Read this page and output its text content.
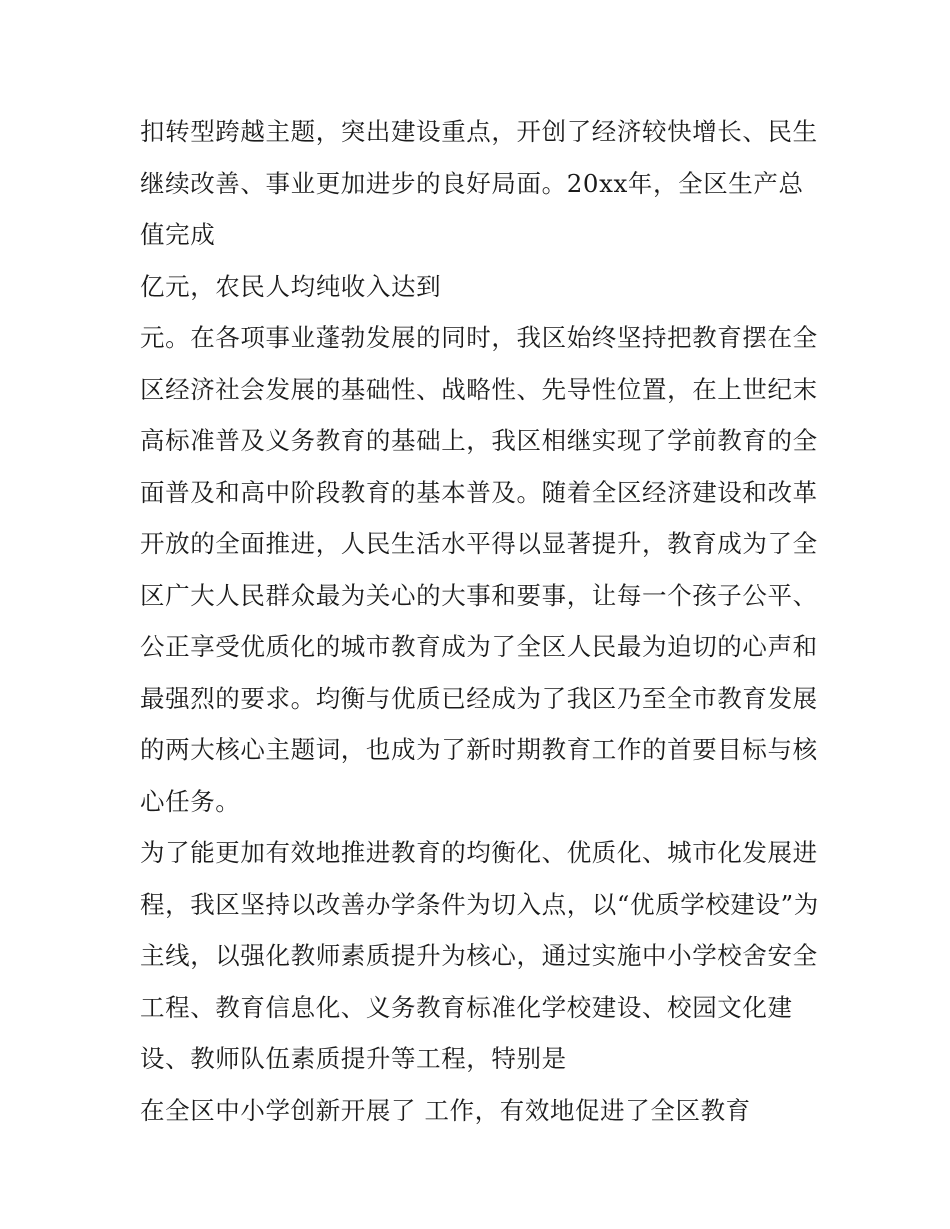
扣转型跨越主题，突出建设重点，开创了经济较快增长、民生
继续改善、事业更加进步的良好局面。20xx年，全区生产总
值完成
亿元，农民人均纯收入达到
元。在各项事业蓬勃发展的同时，我区始终坚持把教育摆在全
区经济社会发展的基础性、战略性、先导性位置，在上世纪末
高标准普及义务教育的基础上，我区相继实现了学前教育的全
面普及和高中阶段教育的基本普及。随着全区经济建设和改革
开放的全面推进，人民生活水平得以显著提升，教育成为了全
区广大人民群众最为关心的大事和要事，让每一个孩子公平、
公正享受优质化的城市教育成为了全区人民最为迫切的心声和
最强烈的要求。均衡与优质已经成为了我区乃至全市教育发展
的两大核心主题词，也成为了新时期教育工作的首要目标与核
心任务。
为了能更加有效地推进教育的均衡化、优质化、城市化发展进
程，我区坚持以改善办学条件为切入点，以“优质学校建设”为
主线，以强化教师素质提升为核心，通过实施中小学校舍安全
工程、教育信息化、义务教育标准化学校建设、校园文化建
设、教师队伍素质提升等工程，特别是
在全区中小学创新开展了 工作，有效地促进了全区教育
